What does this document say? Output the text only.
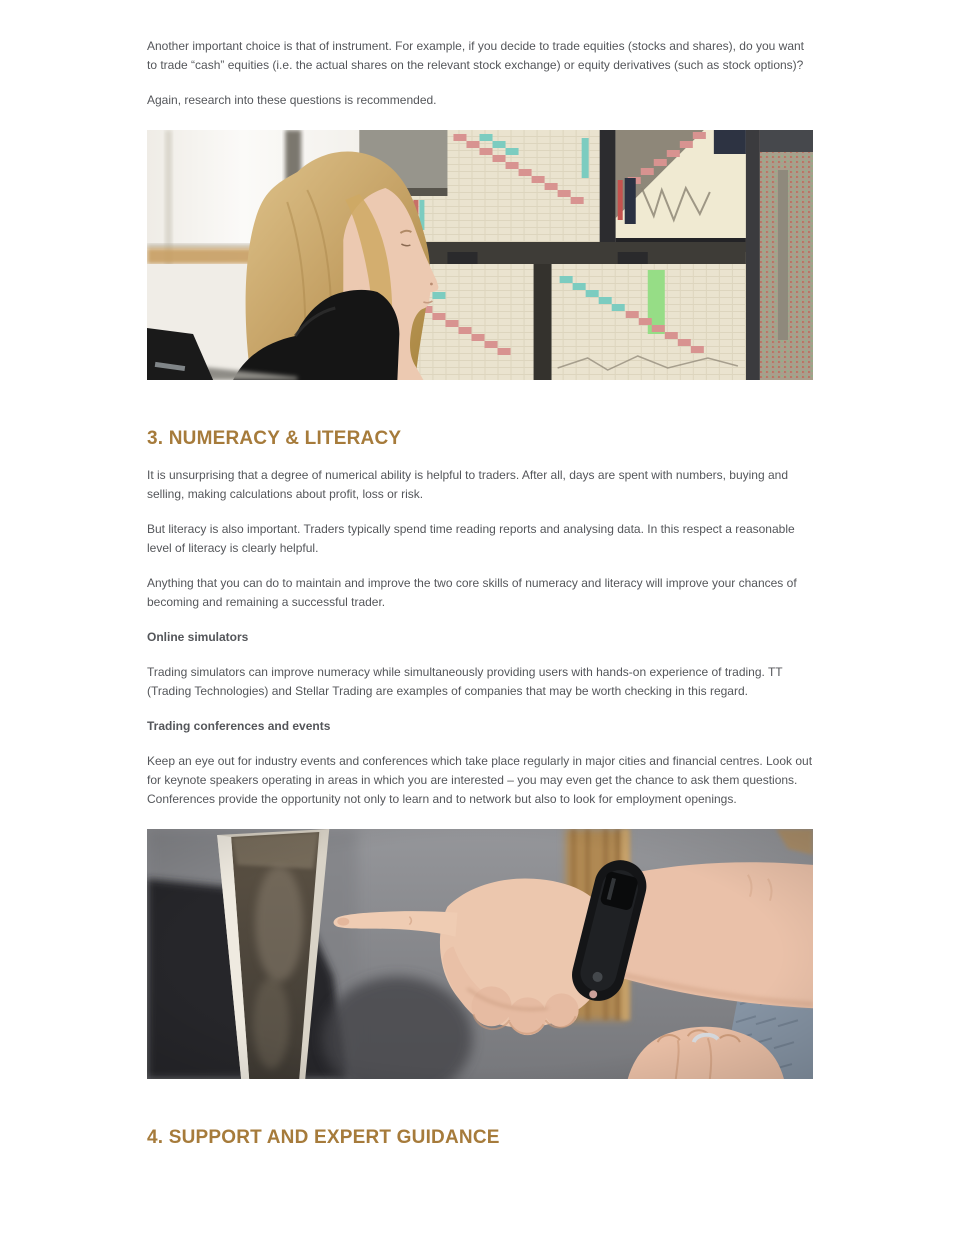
Another important choice is that of instrument. For example, if you decide to trade equities (stocks and shares), do you want to trade “cash” equities (i.e. the actual shares on the relevant stock exchange) or equity derivatives (such as stock options)?

Again, research into these questions is recommended.

3. NUMERACY & LITERACY

It is unsurprising that a degree of numerical ability is helpful to traders. After all, days are spent with numbers, buying and selling, making calculations about profit, loss or risk.

But literacy is also important. Traders typically spend time reading reports and analysing data. In this respect a reasonable level of literacy is clearly helpful.

Anything that you can do to maintain and improve the two core skills of numeracy and literacy will improve your chances of becoming and remaining a successful trader.

Online simulators

Trading simulators can improve numeracy while simultaneously providing users with hands-on experience of trading. TT (Trading Technologies) and Stellar Trading are examples of companies that may be worth checking in this regard.

Trading conferences and events

Keep an eye out for industry events and conferences which take place regularly in major cities and financial centres. Look out for keynote speakers operating in areas in which you are interested – you may even get the chance to ask them questions. Conferences provide the opportunity not only to learn and to network but also to look for employment openings.

4. SUPPORT AND EXPERT GUIDANCE
